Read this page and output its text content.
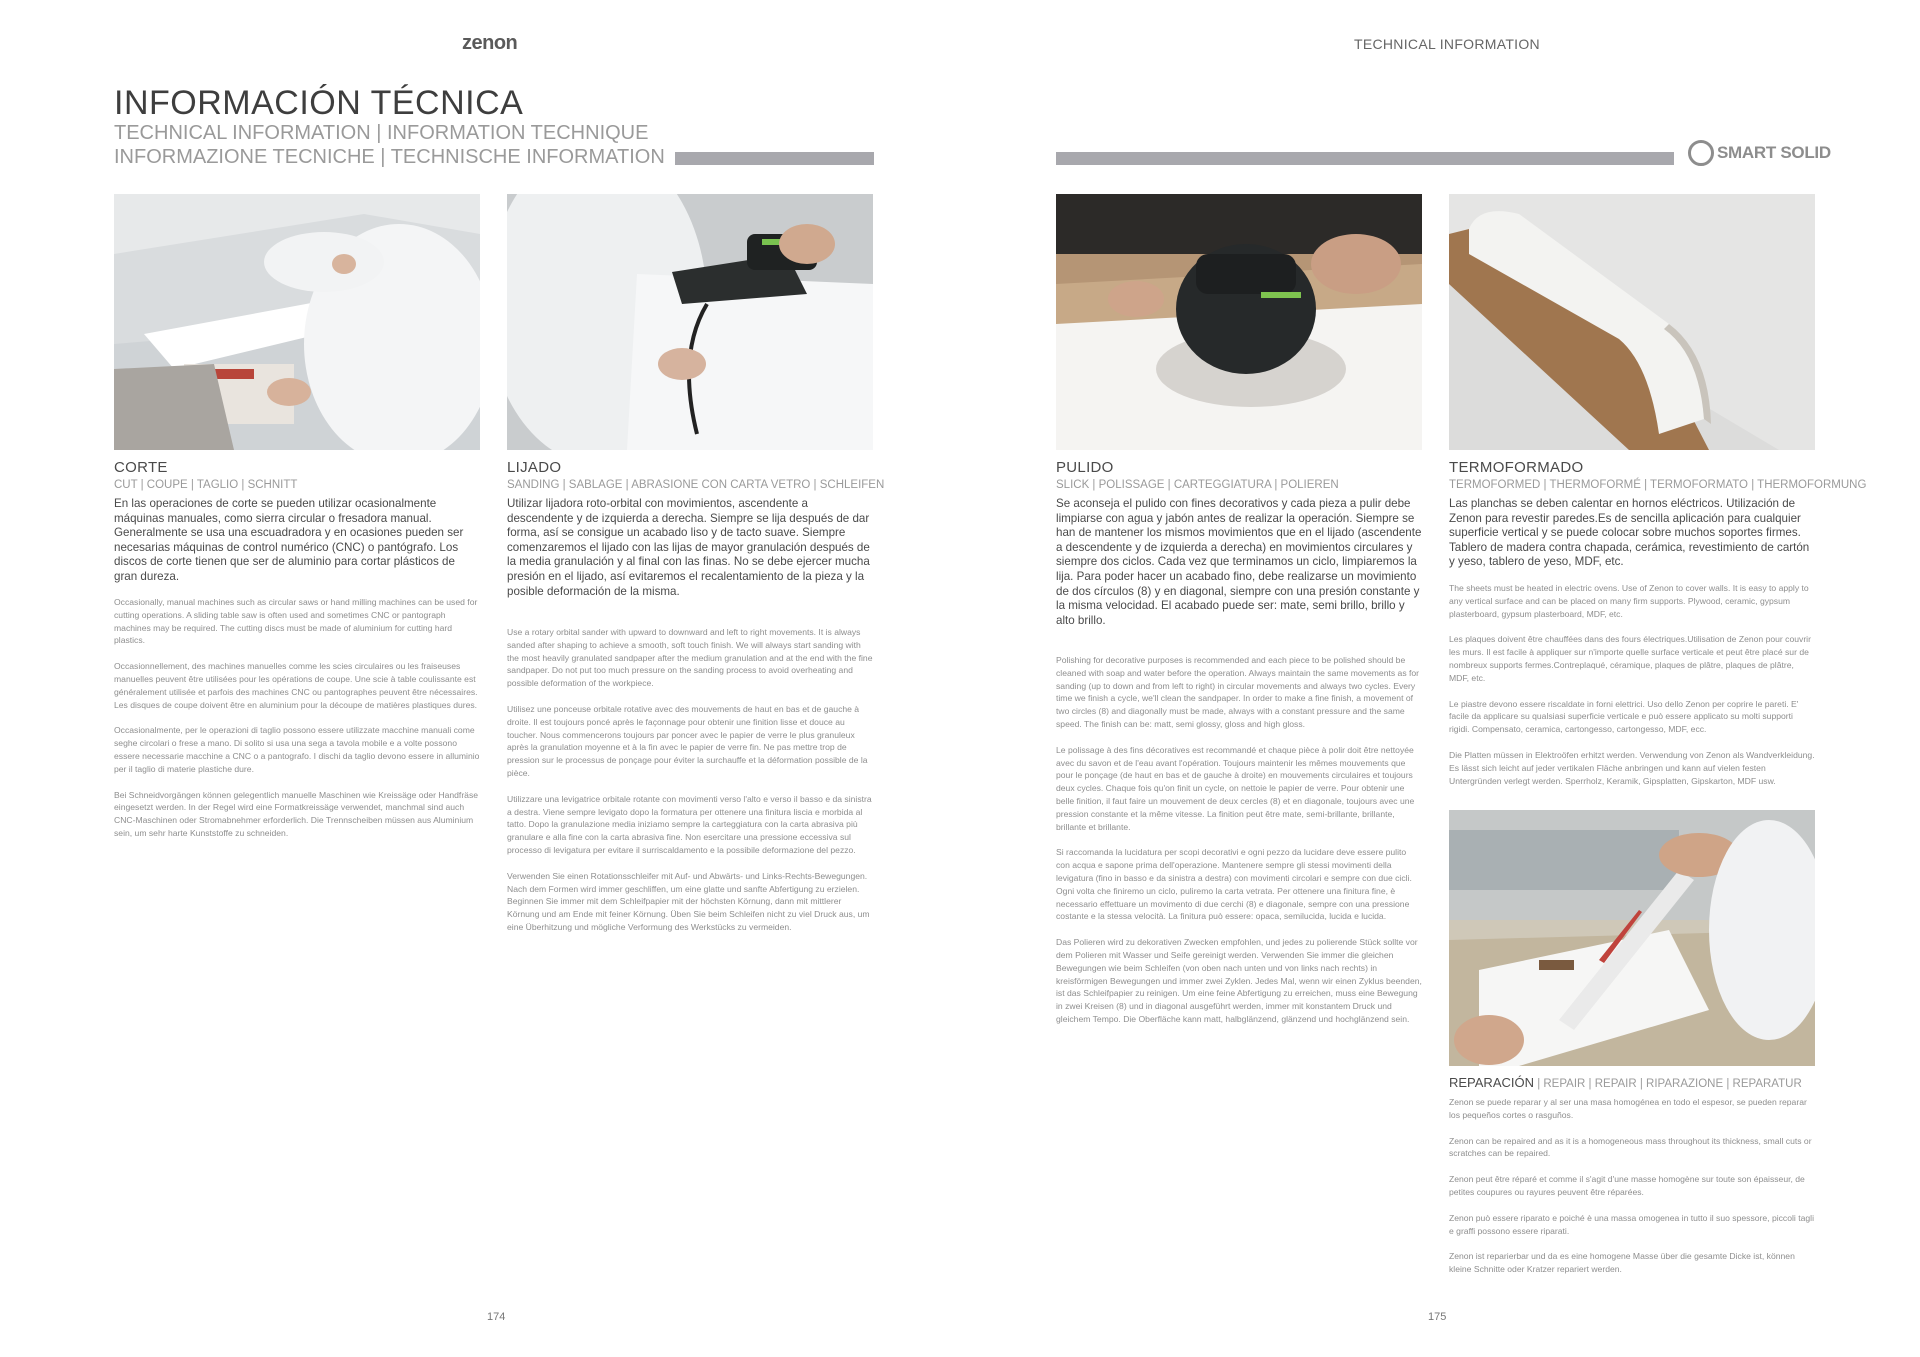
zenon	TECHNICAL INFORMATION
INFORMACIÓN TÉCNICA
TECHNICAL INFORMATION | INFORMATION TECHNIQUE
INFORMAZIONE TECNICHE | TECHNISCHE INFORMATION	SMART SOLID
CORTE
CUT | COUPE | TAGLIO | SCHNITT
En las operaciones de corte se pueden utilizar ocasionalmente máquinas manuales, como sierra circular o fresadora manual. Generalmente se usa una escuadradora y en ocasiones pueden ser necesarias máquinas de control numérico (CNC) o pantógrafo. Los discos de corte tienen que ser de aluminio para cortar plásticos de gran dureza.

Occasionally, manual machines such as circular saws or hand milling machines can be used for cutting operations. A sliding table saw is often used and sometimes CNC or pantograph machines may be required. The cutting discs must be made of aluminium for cutting hard plastics.

Occasionnellement, des machines manuelles comme les scies circulaires ou les fraiseuses manuelles peuvent être utilisées pour les opérations de coupe. Une scie à table coulissante est généralement utilisée et parfois des machines CNC ou pantographes peuvent être nécessaires. Les disques de coupe doivent être en aluminium pour la découpe de matières plastiques dures.

Occasionalmente, per le operazioni di taglio possono essere utilizzate macchine manuali come seghe circolari o frese a mano. Di solito si usa una sega a tavola mobile e a volte possono essere necessarie macchine a CNC o a pantografo. I dischi da taglio devono essere in alluminio per il taglio di materie plastiche dure.

Bei Schneidvorgängen können gelegentlich manuelle Maschinen wie Kreissäge oder Handfräse eingesetzt werden. In der Regel wird eine Formatkreissäge verwendet, manchmal sind auch CNC-Maschinen oder Stromabnehmer erforderlich. Die Trennscheiben müssen aus Aluminium sein, um sehr harte Kunststoffe zu schneiden.

LIJADO
SANDING | SABLAGE | ABRASIONE CON CARTA VETRO | SCHLEIFEN
Utilizar lijadora roto-orbital con movimientos, ascendente a descendente y de izquierda a derecha. Siempre se lija después de dar forma, así se consigue un acabado liso y de tacto suave. Siempre comenzaremos el lijado con las lijas de mayor granulación después de la media granulación y al final con las finas. No se debe ejercer mucha presión en el lijado, así evitaremos el recalentamiento de la pieza y la posible deformación de la misma.

Use a rotary orbital sander with upward to downward and left to right movements. It is always sanded after shaping to achieve a smooth, soft touch finish. We will always start sanding with the most heavily granulated sandpaper after the medium granulation and at the end with the fine sandpaper. Do not put too much pressure on the sanding process to avoid overheating and possible deformation of the workpiece.

Utilisez une ponceuse orbitale rotative avec des mouvements de haut en bas et de gauche à droite. Il est toujours poncé après le façonnage pour obtenir une finition lisse et douce au toucher. Nous commencerons toujours par poncer avec le papier de verre le plus granuleux après la granulation moyenne et à la fin avec le papier de verre fin. Ne pas mettre trop de pression sur le processus de ponçage pour éviter la surchauffe et la déformation possible de la pièce.

Utilizzare una levigatrice orbitale rotante con movimenti verso l'alto e verso il basso e da sinistra a destra. Viene sempre levigato dopo la formatura per ottenere una finitura liscia e morbida al tatto. Dopo la granulazione media iniziamo sempre la carteggiatura con la carta abrasiva più granulare e alla fine con la carta abrasiva fine. Non esercitare una pressione eccessiva sul processo di levigatura per evitare il surriscaldamento e la possibile deformazione del pezzo.

Verwenden Sie einen Rotationsschleifer mit Auf- und Abwärts- und Links-Rechts-Bewegungen. Nach dem Formen wird immer geschliffen, um eine glatte und sanfte Abfertigung zu erzielen. Beginnen Sie immer mit dem Schleifpapier mit der höchsten Körnung, dann mit mittlerer Körnung und am Ende mit feiner Körnung. Üben Sie beim Schleifen nicht zu viel Druck aus, um eine Überhitzung und mögliche Verformung des Werkstücks zu vermeiden.

PULIDO
SLICK | POLISSAGE | CARTEGGIATURA | POLIEREN
Se aconseja el pulido con fines decorativos y cada pieza a pulir debe limpiarse con agua y jabón antes de realizar la operación. Siempre se han de mantener los mismos movimientos que en el lijado (ascendente a descendente y de izquierda a derecha) en movimientos circulares y siempre dos ciclos. Cada vez que terminamos un ciclo, limpiaremos la lija. Para poder hacer un acabado fino, debe realizarse un movimiento de dos círculos (8) y en diagonal, siempre con una presión constante y la misma velocidad. El acabado puede ser: mate, semi brillo, brillo y alto brillo.

Polishing for decorative purposes is recommended and each piece to be polished should be cleaned with soap and water before the operation. Always maintain the same movements as for sanding (up to down and from left to right) in circular movements and always two cycles. Every time we finish a cycle, we'll clean the sandpaper. In order to make a fine finish, a movement of two circles (8) and diagonally must be made, always with a constant pressure and the same speed. The finish can be: matt, semi glossy, gloss and high gloss.

Le polissage à des fins décoratives est recommandé et chaque pièce à polir doit être nettoyée avec du savon et de l'eau avant l'opération. Toujours maintenir les mêmes mouvements que pour le ponçage (de haut en bas et de gauche à droite) en mouvements circulaires et toujours deux cycles. Chaque fois qu'on finit un cycle, on nettoie le papier de verre. Pour obtenir une belle finition, il faut faire un mouvement de deux cercles (8) et en diagonale, toujours avec une pression constante et la même vitesse. La finition peut être mate, semi-brillante, brillante, brillante et brillante.

Si raccomanda la lucidatura per scopi decorativi e ogni pezzo da lucidare deve essere pulito con acqua e sapone prima dell'operazione. Mantenere sempre gli stessi movimenti della levigatura (fino in basso e da sinistra a destra) con movimenti circolari e sempre con due cicli. Ogni volta che finiremo un ciclo, puliremo la carta vetrata. Per ottenere una finitura fine, è necessario effettuare un movimento di due cerchi (8) e diagonale, sempre con una pressione costante e la stessa velocità. La finitura può essere: opaca, semilucida, lucida e lucida.

Das Polieren wird zu dekorativen Zwecken empfohlen, und jedes zu polierende Stück sollte vor dem Polieren mit Wasser und Seife gereinigt werden. Verwenden Sie immer die gleichen Bewegungen wie beim Schleifen (von oben nach unten und von links nach rechts) in kreisförmigen Bewegungen und immer zwei Zyklen. Jedes Mal, wenn wir einen Zyklus beenden, ist das Schleifpapier zu reinigen. Um eine feine Abfertigung zu erreichen, muss eine Bewegung in zwei Kreisen (8) und in diagonal ausgeführt werden, immer mit konstantem Druck und gleichem Tempo. Die Oberfläche kann matt, halbglänzend, glänzend und hochglänzend sein.

TERMOFORMADO
TERMOFORMED | THERMOFORMÉ | TERMOFORMATO | THERMOFORMUNG
Las planchas se deben calentar en hornos eléctricos. Utilización de Zenon para revestir paredes.Es de sencilla aplicación para cualquier superficie vertical y se puede colocar sobre muchos soportes firmes. Tablero de madera contra chapada, cerámica, revestimiento de cartón y yeso, tablero de yeso, MDF, etc.

The sheets must be heated in electric ovens. Use of Zenon to cover walls. It is easy to apply to any vertical surface and can be placed on many firm supports. Plywood, ceramic, gypsum plasterboard, gypsum plasterboard, MDF, etc.

Les plaques doivent être chauffées dans des fours électriques.Utilisation de Zenon pour couvrir les murs. Il est facile à appliquer sur n'importe quelle surface verticale et peut être placé sur de nombreux supports fermes.Contreplaqué, céramique, plaques de plâtre, plaques de plâtre, MDF, etc.

Le piastre devono essere riscaldate in forni elettrici. Uso dello Zenon per coprire le pareti. E' facile da applicare su qualsiasi superficie verticale e può essere applicato su molti supporti rigidi. Compensato, ceramica, cartongesso, cartongesso, MDF, ecc.

Die Platten müssen in Elektroöfen erhitzt werden. Verwendung von Zenon als Wandverkleidung. Es lässt sich leicht auf jeder vertikalen Fläche anbringen und kann auf vielen festen Untergründen verlegt werden. Sperrholz, Keramik, Gipsplatten, Gipskarton, MDF usw.

REPARACIÓN | REPAIR | REPAIR | RIPARAZIONE | REPARATUR

Zenon se puede reparar y al ser una masa homogénea en todo el espesor, se pueden reparar los pequeños cortes o rasguños.

Zenon can be repaired and as it is a homogeneous mass throughout its thickness, small cuts or scratches can be repaired.

Zenon peut être réparé et comme il s'agit d'une masse homogène sur toute son épaisseur, de petites coupures ou rayures peuvent être réparées.

Zenon può essere riparato e poiché è una massa omogenea in tutto il suo spessore, piccoli tagli e graffi possono essere riparati.

Zenon ist reparierbar und da es eine homogene Masse über die gesamte Dicke ist, können kleine Schnitte oder Kratzer repariert werden.

174	175
